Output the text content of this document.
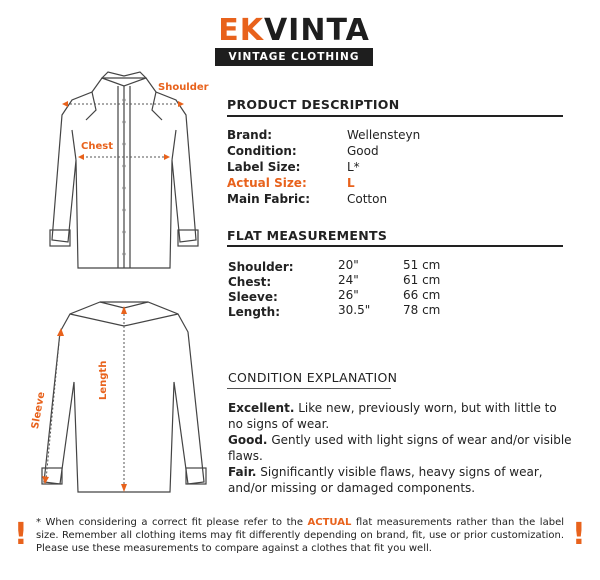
EKVINTA
VINTAGE CLOTHING
Shoulder
Chest
Length
Sleeve
PRODUCT DESCRIPTION
Brand:	Wellensteyn
Condition:	Good
Label Size:	L*
Actual Size:	L
Main Fabric:	Cotton
FLAT MEASUREMENTS
Shoulder:	20"	51 cm
Chest:	24"	61 cm
Sleeve:	26"	66 cm
Length:	30.5"	78 cm
CONDITION EXPLANATION
Excellent. Like new, previously worn, but with little to no signs of wear.
Good. Gently used with light signs of wear and/or visible flaws.
Fair. Significantly visible flaws, heavy signs of wear, and/or missing or damaged components.
! * When considering a correct fit please refer to the ACTUAL flat measurements rather than the label size. Remember all clothing items may fit differently depending on brand, fit, use or prior customization. Please use these measurements to compare against a clothes that fit you well.	!
